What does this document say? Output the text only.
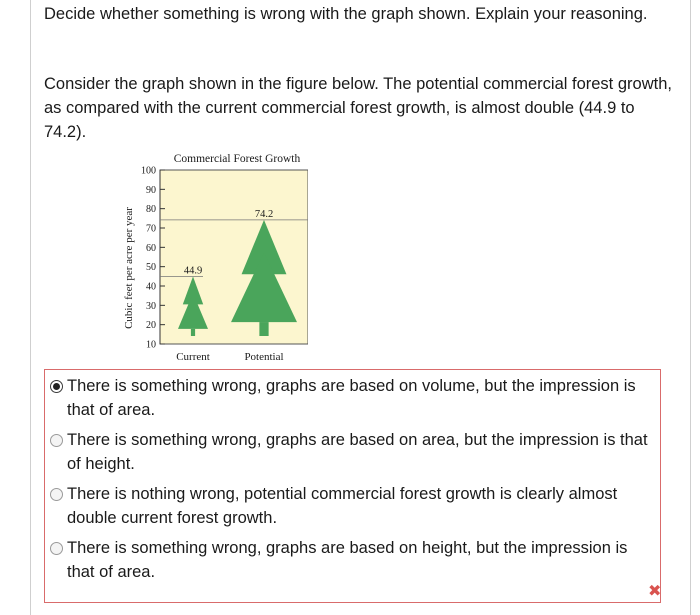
Decide whether something is wrong with the graph shown. Explain your reasoning.

Consider the graph shown in the figure below. The potential commercial forest growth, as compared with the current commercial forest growth, is almost double (44.9 to 74.2).

Commercial Forest Growth
Cubic feet per acre per year
10
20
30
40
50
60
70
80
90
100
44.9
74.2
Current	Potential
There is something wrong, graphs are based on volume, but the impression is that of area.
There is something wrong, graphs are based on area, but the impression is that of height.
There is nothing wrong, potential commercial forest growth is clearly almost double current forest growth.
There is something wrong, graphs are based on height, but the impression is that of area.
✖
